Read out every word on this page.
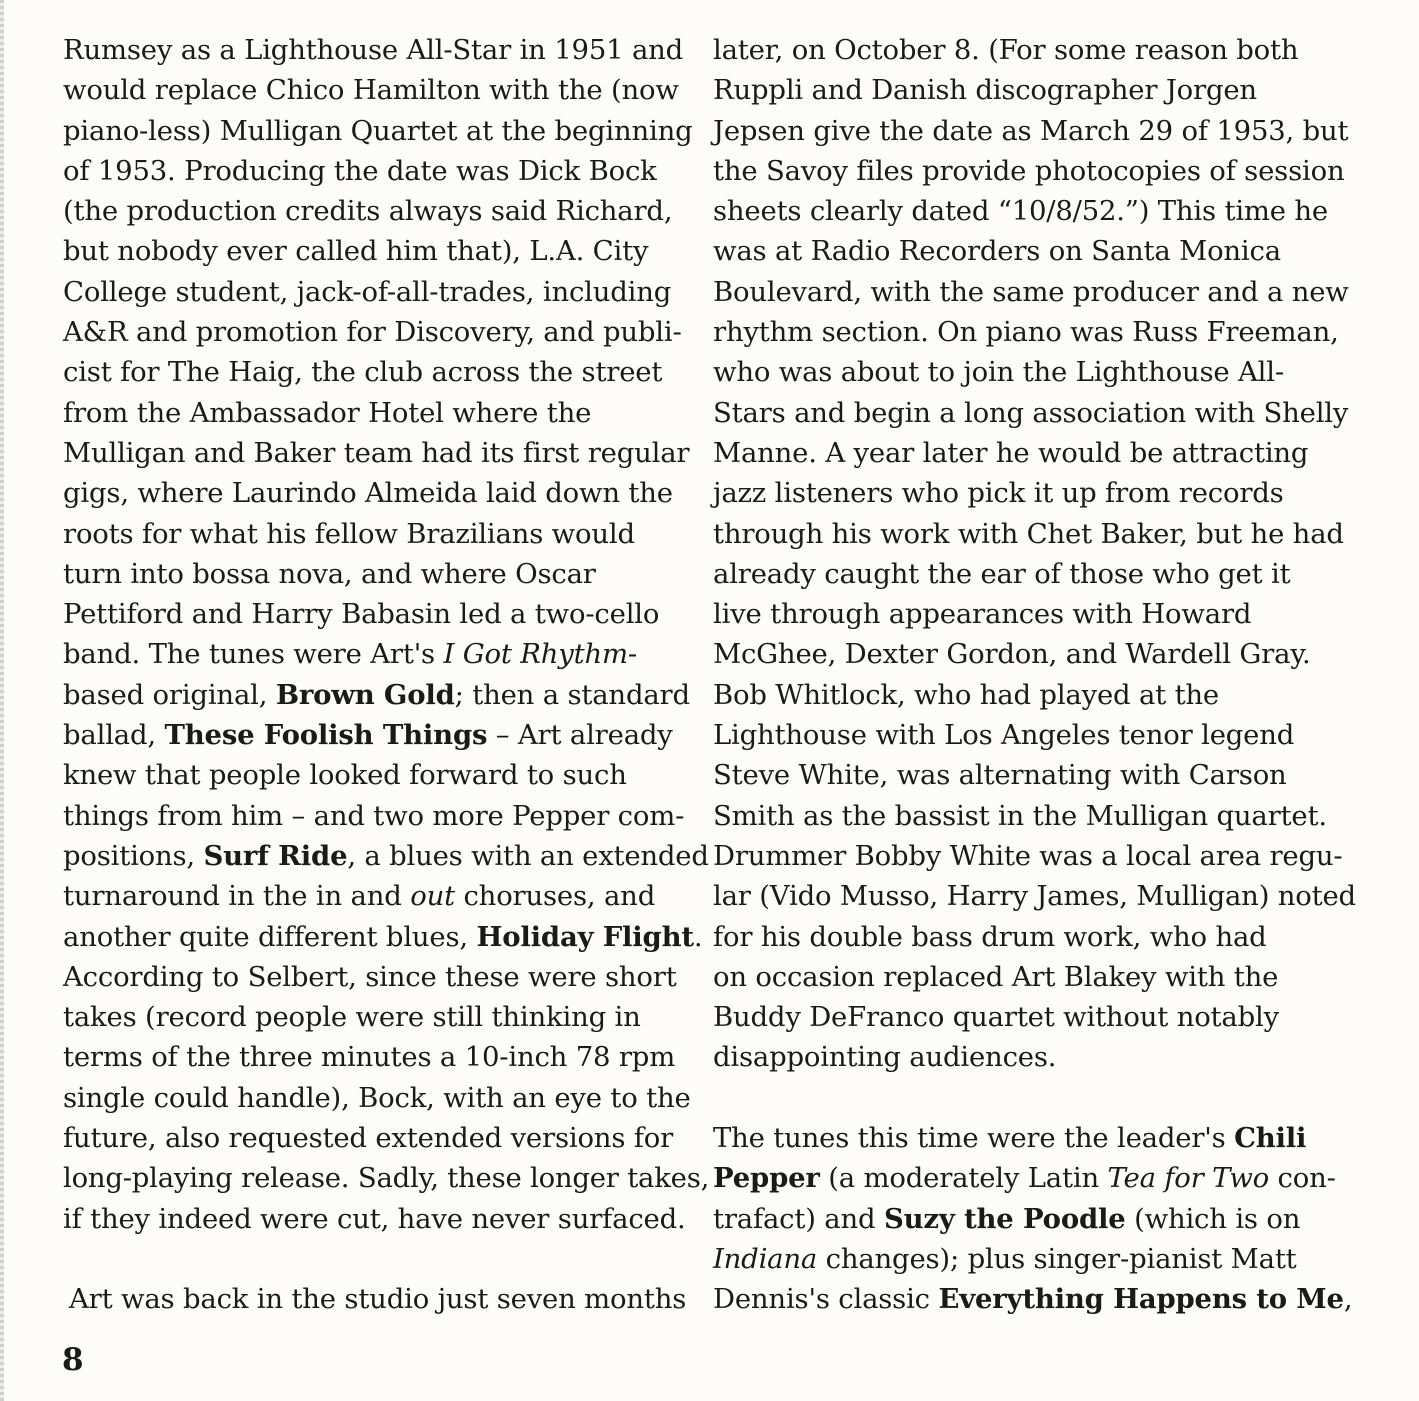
Rumsey as a Lighthouse All-Star in 1951 and
would replace Chico Hamilton with the (now
piano-less) Mulligan Quartet at the beginning
of 1953. Producing the date was Dick Bock
(the production credits always said Richard,
but nobody ever called him that), L.A. City
College student, jack-of-all-trades, including
A&R and promotion for Discovery, and publi-
cist for The Haig, the club across the street
from the Ambassador Hotel where the
Mulligan and Baker team had its first regular
gigs, where Laurindo Almeida laid down the
roots for what his fellow Brazilians would
turn into bossa nova, and where Oscar
Pettiford and Harry Babasin led a two-cello
band. The tunes were Art's I Got Rhythm-
based original, Brown Gold; then a standard
ballad, These Foolish Things – Art already
knew that people looked forward to such
things from him – and two more Pepper com-
positions, Surf Ride, a blues with an extended
turnaround in the in and out choruses, and
another quite different blues, Holiday Flight.
According to Selbert, since these were short
takes (record people were still thinking in
terms of the three minutes a 10-inch 78 rpm
single could handle), Bock, with an eye to the
future, also requested extended versions for
long-playing release. Sadly, these longer takes,
if they indeed were cut, have never surfaced.
Art was back in the studio just seven months
later, on October 8. (For some reason both
Ruppli and Danish discographer Jorgen
Jepsen give the date as March 29 of 1953, but
the Savoy files provide photocopies of session
sheets clearly dated “10/8/52.”) This time he
was at Radio Recorders on Santa Monica
Boulevard, with the same producer and a new
rhythm section. On piano was Russ Freeman,
who was about to join the Lighthouse All-
Stars and begin a long association with Shelly
Manne. A year later he would be attracting
jazz listeners who pick it up from records
through his work with Chet Baker, but he had
already caught the ear of those who get it
live through appearances with Howard
McGhee, Dexter Gordon, and Wardell Gray.
Bob Whitlock, who had played at the
Lighthouse with Los Angeles tenor legend
Steve White, was alternating with Carson
Smith as the bassist in the Mulligan quartet.
Drummer Bobby White was a local area regu-
lar (Vido Musso, Harry James, Mulligan) noted
for his double bass drum work, who had
on occasion replaced Art Blakey with the
Buddy DeFranco quartet without notably
disappointing audiences.
The tunes this time were the leader's Chili
Pepper (a moderately Latin Tea for Two con-
trafact) and Suzy the Poodle (which is on
Indiana changes); plus singer-pianist Matt
Dennis's classic Everything Happens to Me,
8
